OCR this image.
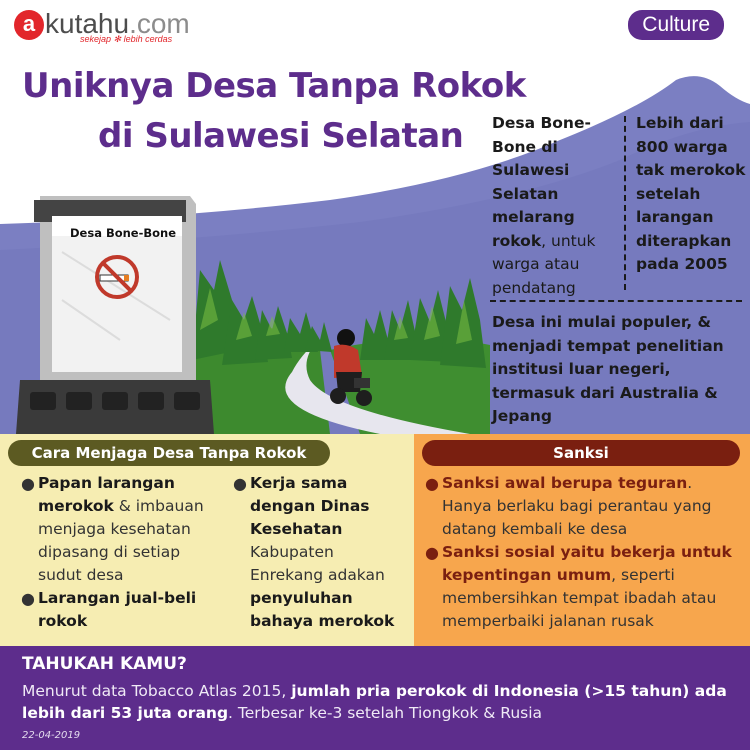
a kutahu.com
sekejap ✻ lebih cerdas
Culture
Desa Bone-Bone
Uniknya Desa Tanpa Rokok
di Sulawesi Selatan Desa Bone-Bone di Sulawesi Selatan melarang rokok, untuk warga atau pendatang
Lebih dari 800 warga tak merokok setelah larangan diterapkan pada 2005
Desa ini mulai populer, & menjadi tempat penelitian institusi luar negeri, termasuk dari Australia & Jepang
Cara Menjaga Desa Tanpa Rokok
● Papan larangan merokok & imbauan menjaga kesehatan dipasang di setiap sudut desa
● Larangan jual-beli rokok
● Kerja sama dengan Dinas Kesehatan Kabupaten Enrekang adakan penyuluhan bahaya merokok
Sanksi
● Sanksi awal berupa teguran. Hanya berlaku bagi perantau yang datang kembali ke desa
● Sanksi sosial yaitu bekerja untuk kepentingan umum, seperti membersihkan tempat ibadah atau memperbaiki jalanan rusak
TAHUKAH KAMU?
Menurut data Tobacco Atlas 2015, jumlah pria perokok di Indonesia (>15 tahun) ada lebih dari 53 juta orang. Terbesar ke-3 setelah Tiongkok & Rusia
22-04-2019
